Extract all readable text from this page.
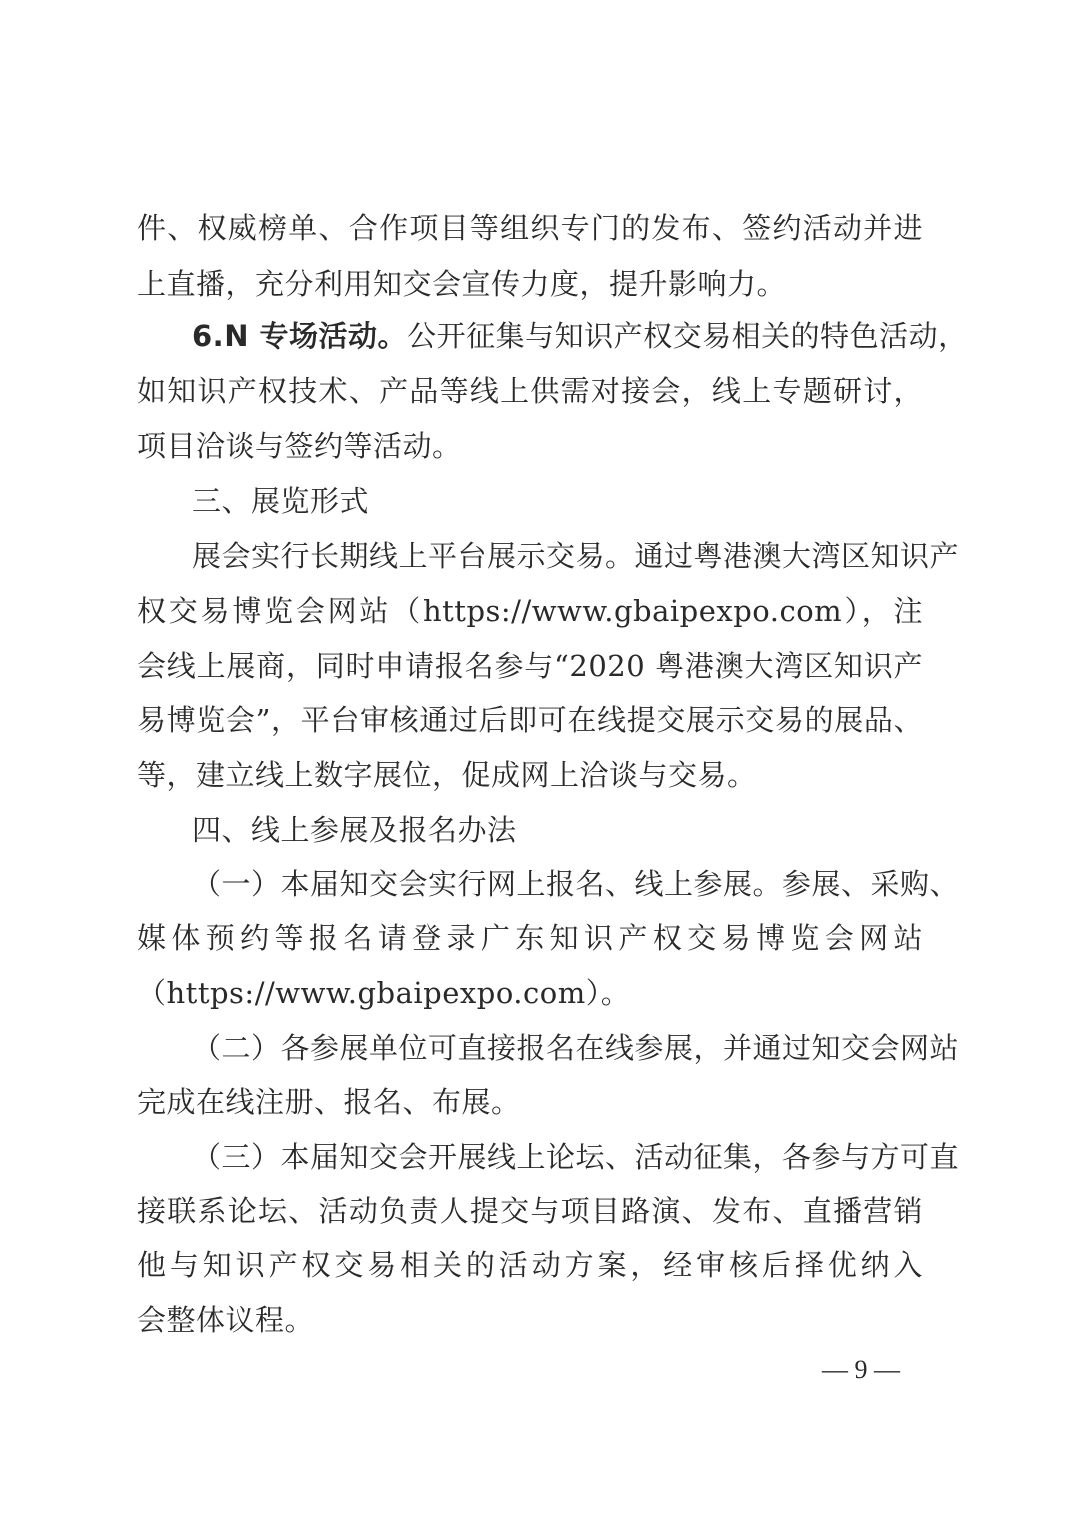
件、权威榜单、合作项目等组织专门的发布、签约活动并进
上直播，充分利用知交会宣传力度，提升影响力。
6.N 专场活动。公开征集与知识产权交易相关的特色活动，
如知识产权技术、产品等线上供需对接会，线上专题研讨，
项目洽谈与签约等活动。
三、展览形式
展会实行长期线上平台展示交易。通过粤港澳大湾区知识产
权交易博览会网站（https://www.gbaipexpo.com），注
会线上展商，同时申请报名参与“2020 粤港澳大湾区知识产
易博览会”，平台审核通过后即可在线提交展示交易的展品、
等，建立线上数字展位，促成网上洽谈与交易。
四、线上参展及报名办法
（一）本届知交会实行网上报名、线上参展。参展、采购、
媒体预约等报名请登录广东知识产权交易博览会网站
（https://www.gbaipexpo.com）。
（二）各参展单位可直接报名在线参展，并通过知交会网站
完成在线注册、报名、布展。
（三）本届知交会开展线上论坛、活动征集，各参与方可直
接联系论坛、活动负责人提交与项目路演、发布、直播营销
他与知识产权交易相关的活动方案，经审核后择优纳入
会整体议程。
— 9 —
